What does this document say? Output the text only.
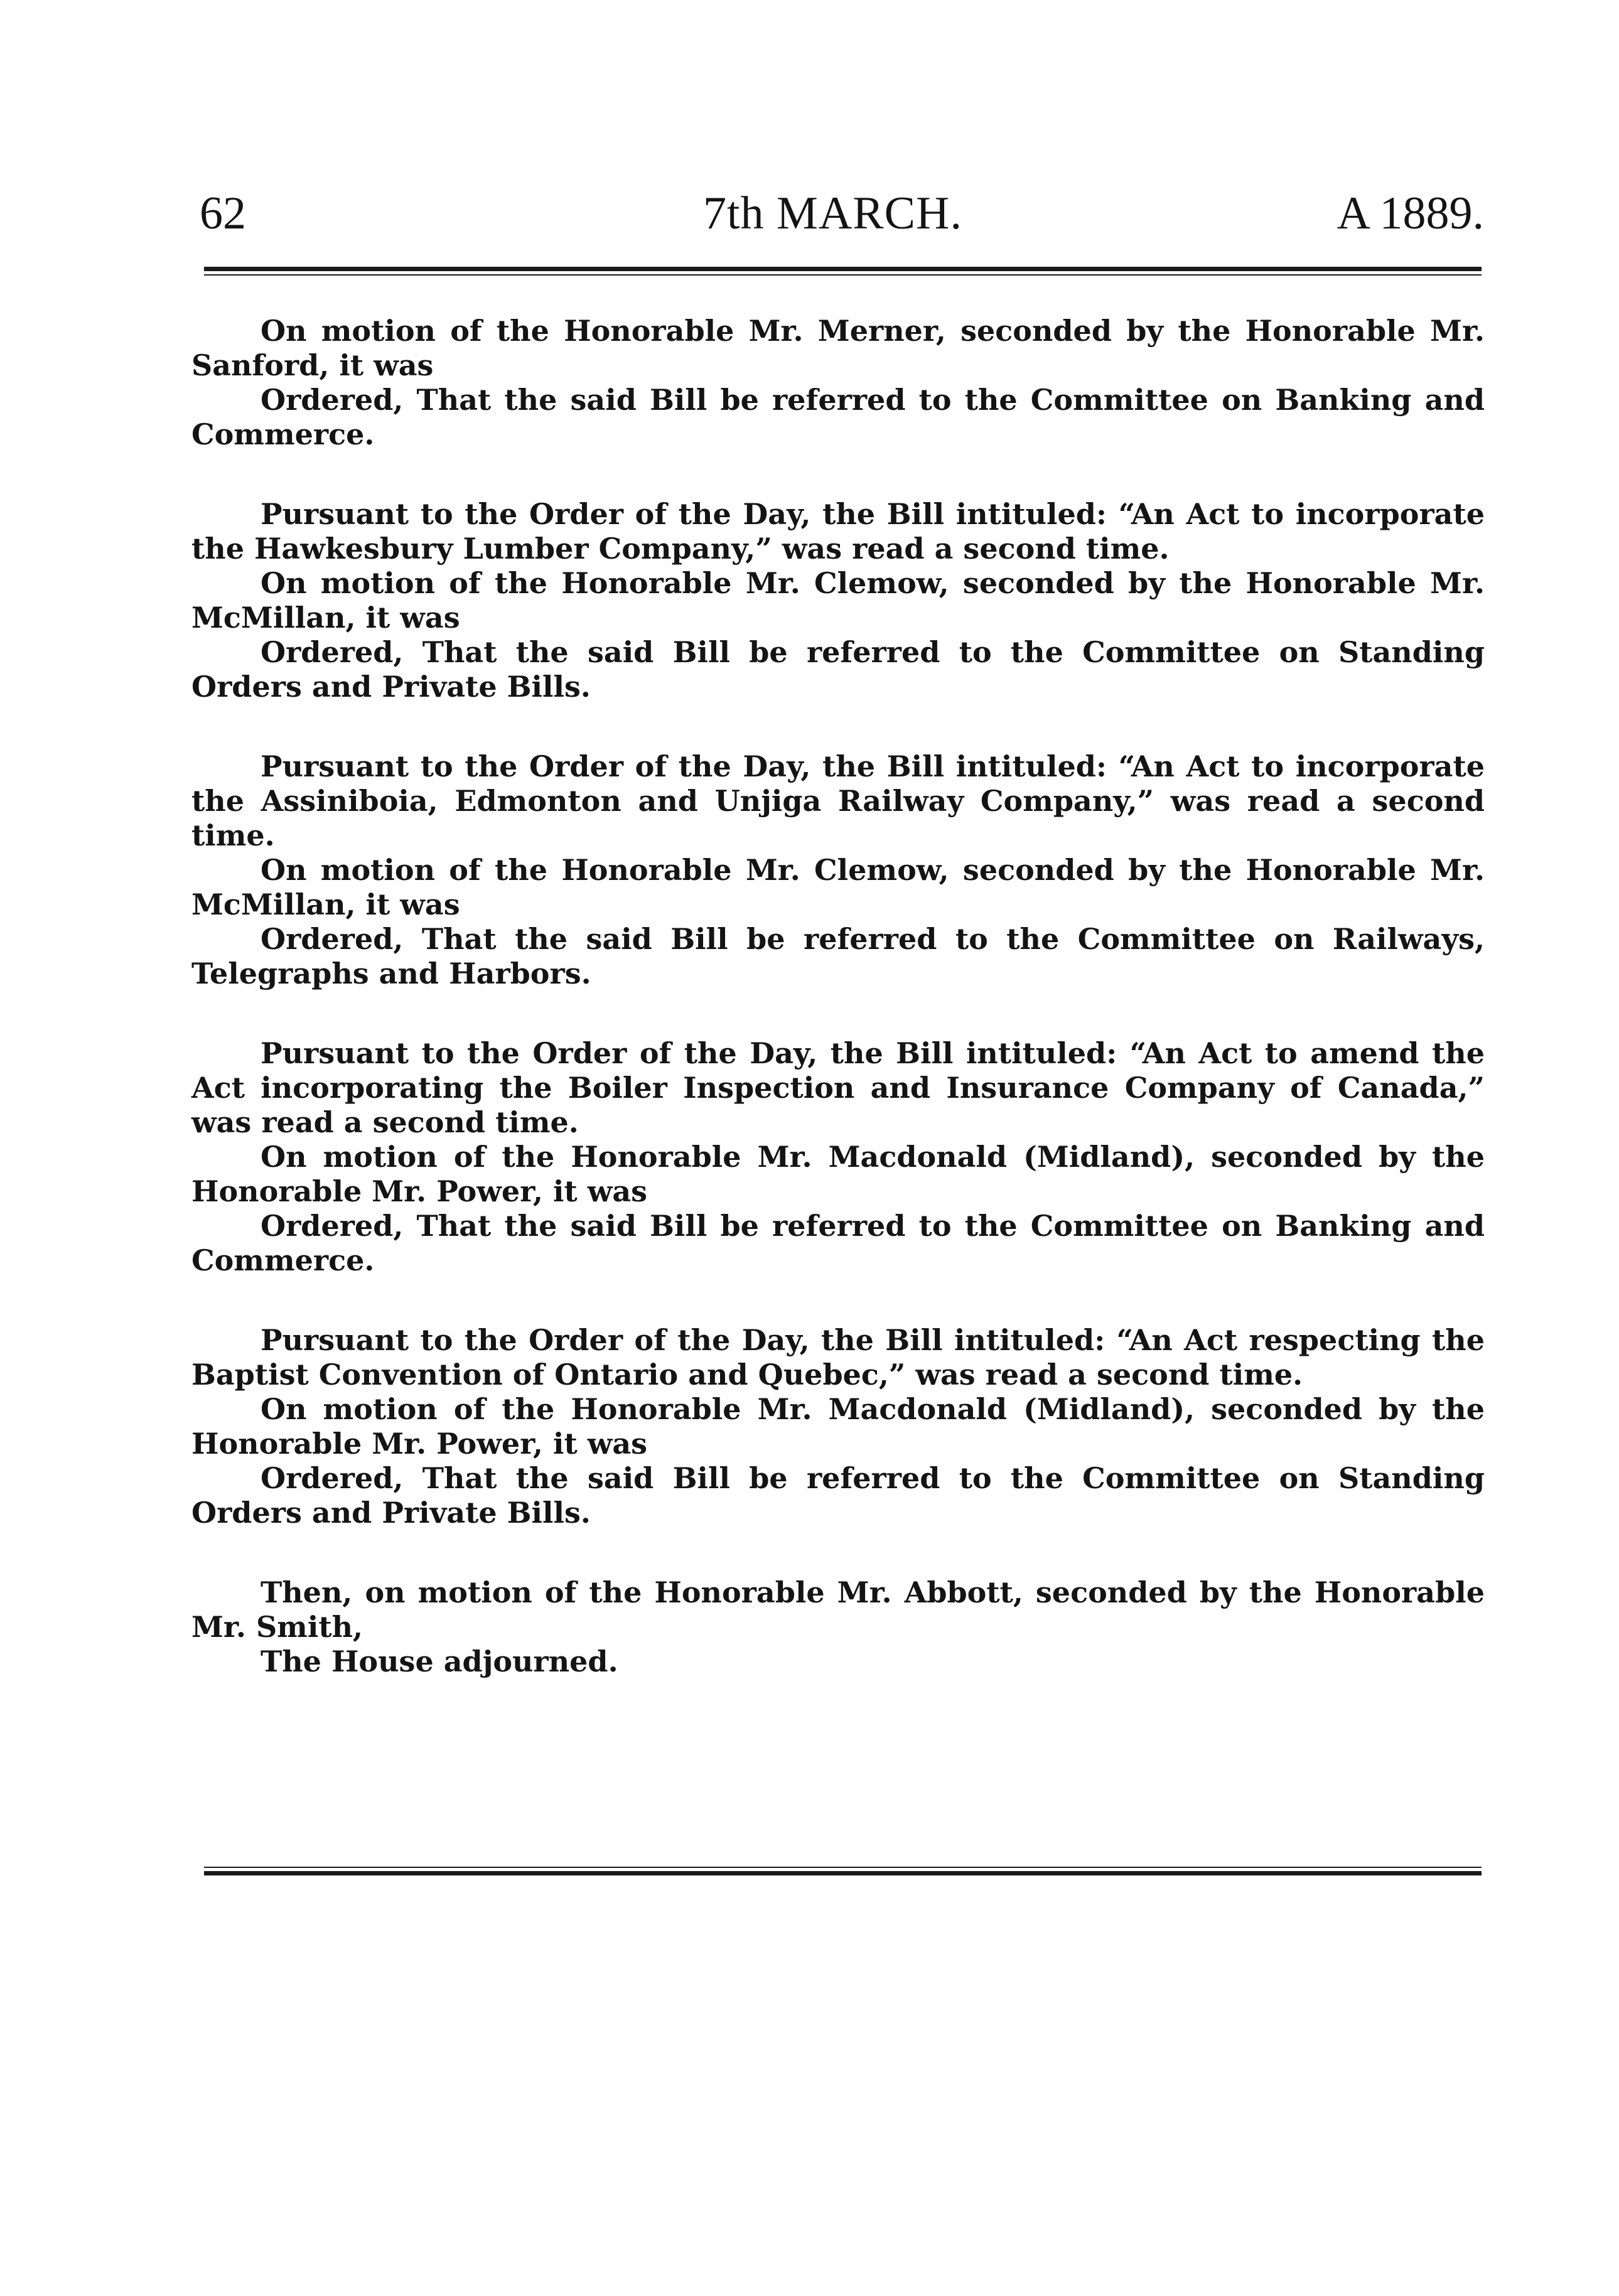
62	7th MARCH.	A 1889.

On motion of the Honorable Mr. Merner, seconded by the Honorable Mr. Sanford, it was

Ordered, That the said Bill be referred to the Committee on Banking and Commerce.

Pursuant to the Order of the Day, the Bill intituled: “An Act to incorporate the Hawkesbury Lumber Company,” was read a second time.

On motion of the Honorable Mr. Clemow, seconded by the Honorable Mr. McMillan, it was

Ordered, That the said Bill be referred to the Committee on Standing Orders and Private Bills.

Pursuant to the Order of the Day, the Bill intituled: “An Act to incorporate the Assiniboia, Edmonton and Unjiga Railway Company,” was read a second time.

On motion of the Honorable Mr. Clemow, seconded by the Honorable Mr. McMillan, it was

Ordered, That the said Bill be referred to the Committee on Railways, Telegraphs and Harbors.

Pursuant to the Order of the Day, the Bill intituled: “An Act to amend the Act incorporating the Boiler Inspection and Insurance Company of Canada,” was read a second time.

On motion of the Honorable Mr. Macdonald (Midland), seconded by the Honorable Mr. Power, it was

Ordered, That the said Bill be referred to the Committee on Banking and Commerce.

Pursuant to the Order of the Day, the Bill intituled: “An Act respecting the Baptist Convention of Ontario and Quebec,” was read a second time.

On motion of the Honorable Mr. Macdonald (Midland), seconded by the Honorable Mr. Power, it was

Ordered, That the said Bill be referred to the Committee on Standing Orders and Private Bills.

Then, on motion of the Honorable Mr. Abbott, seconded by the Honorable Mr. Smith,

The House adjourned.
